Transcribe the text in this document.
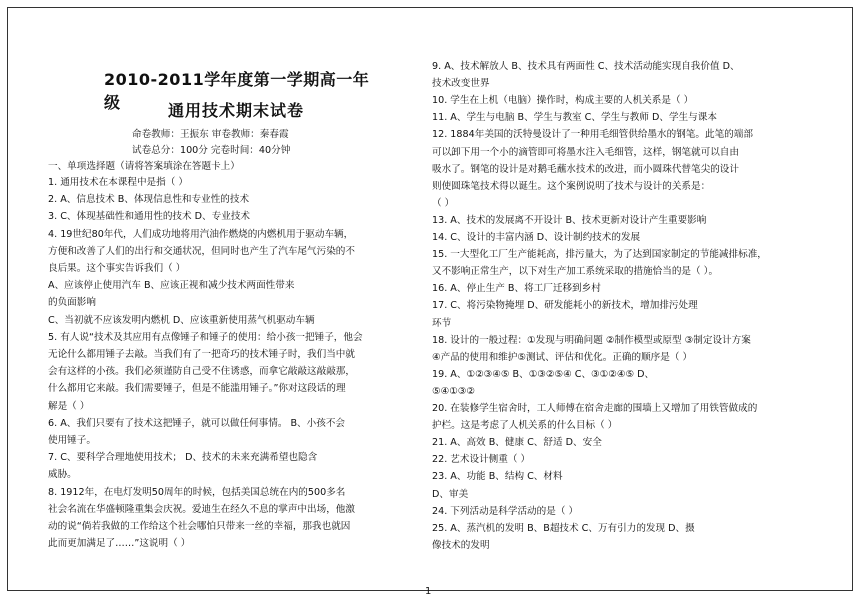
2010-2011学年度第一学期高一年级	通用技术期末试卷
命卷教师：王振东 审卷教师：秦春霞
试卷总分：100分 完卷时间：40分钟
一、单项选择题（请将答案填涂在答题卡上）
1. 通用技术在本课程中是指（ ）
2. A、信息技术 B、体现信息性和专业性的技术
3. C、体现基础性和通用性的技术 D、专业技术
4. 19世纪80年代，人们成功地将用汽油作燃烧的内燃机用于驱动车辆，
方便和改善了人们的出行和交通状况，但同时也产生了汽车尾气污染的不
良后果。这个事实告诉我们（ ）
A、应该停止使用汽车 B、应该正视和减少技术两面性带来
的负面影响
C、当初就不应该发明内燃机 D、应该重新使用蒸气机驱动车辆
5. 有人说“技术及其应用有点像锤子和锤子的使用：给小孩一把锤子，他会
无论什么都用锤子去敲。当我们有了一把奇巧的技术锤子时，我们当中就
会有这样的小孩。我们必须谨防自己受不住诱惑，而拿它敲敲这敲敲那，
什么都用它来敲。我们需要锤子，但是不能滥用锤子。”你对这段话的理
解是（ ）
6. A、我们只要有了技术这把锤子，就可以做任何事情。 B、小孩不会
使用锤子。
7. C、要科学合理地使用技术； D、技术的未来充满希望也隐含
威胁。
8. 1912年，在电灯发明50周年的时候，包括美国总统在内的500多名
社会名流在华盛顿隆重集会庆祝。爱迪生在经久不息的掌声中出场，他激
动的说“倘若我做的工作给这个社会哪怕只带来一丝的幸福，那我也就因
此而更加满足了……”这说明（ ）
9. A、技术解放人 B、技术具有两面性 C、技术活动能实现自我价值 D、
技术改变世界
10. 学生在上机（电脑）操作时，构成主要的人机关系是（ ）
11. A、学生与电脑 B、学生与教室 C、学生与教师 D、学生与课本
12. 1884年美国的沃特曼设计了一种用毛细管供给墨水的钢笔。此笔的端部
可以卸下用一个小的滴管即可将墨水注入毛细管，这样，钢笔就可以自由
吸水了。钢笔的设计是对鹅毛蘸水技术的改进，而小圆珠代替笔尖的设计
则使圆珠笔技术得以诞生。这个案例说明了技术与设计的关系是：
（ ）
13. A、技术的发展离不开设计 B、技术更新对设计产生重要影响
14. C、设计的丰富内涵 D、设计制约技术的发展
15. 一大型化工厂生产能耗高，排污量大，为了达到国家制定的节能减排标准，
又不影响正常生产，以下对生产加工系统采取的措施恰当的是（ ）。
16. A、停止生产 B、将工厂迁移到乡村
17. C、将污染物掩埋 D、研发能耗小的新技术，增加排污处理
环节
18. 设计的一般过程：①发现与明确问题 ②制作模型或原型 ③制定设计方案
④产品的使用和维护⑤测试、评估和优化。正确的顺序是（ ）
19. A、①②③④⑤ B、①③②⑤④ C、③①②④⑤ D、
⑤④①③②
20. 在装修学生宿舍时，工人师傅在宿舍走廊的围墙上又增加了用铁管做成的
护栏。这是考虑了人机关系的什么目标（ ）
21. A、高效 B、健康 C、舒适 D、安全
22. 艺术设计侧重（ ）
23. A、功能 B、结构 C、材料
D、审美
24. 下列活动是科学活动的是（ ）
25. A、蒸汽机的发明 B、B超技术 C、万有引力的发现 D、摄
像技术的发明
1
